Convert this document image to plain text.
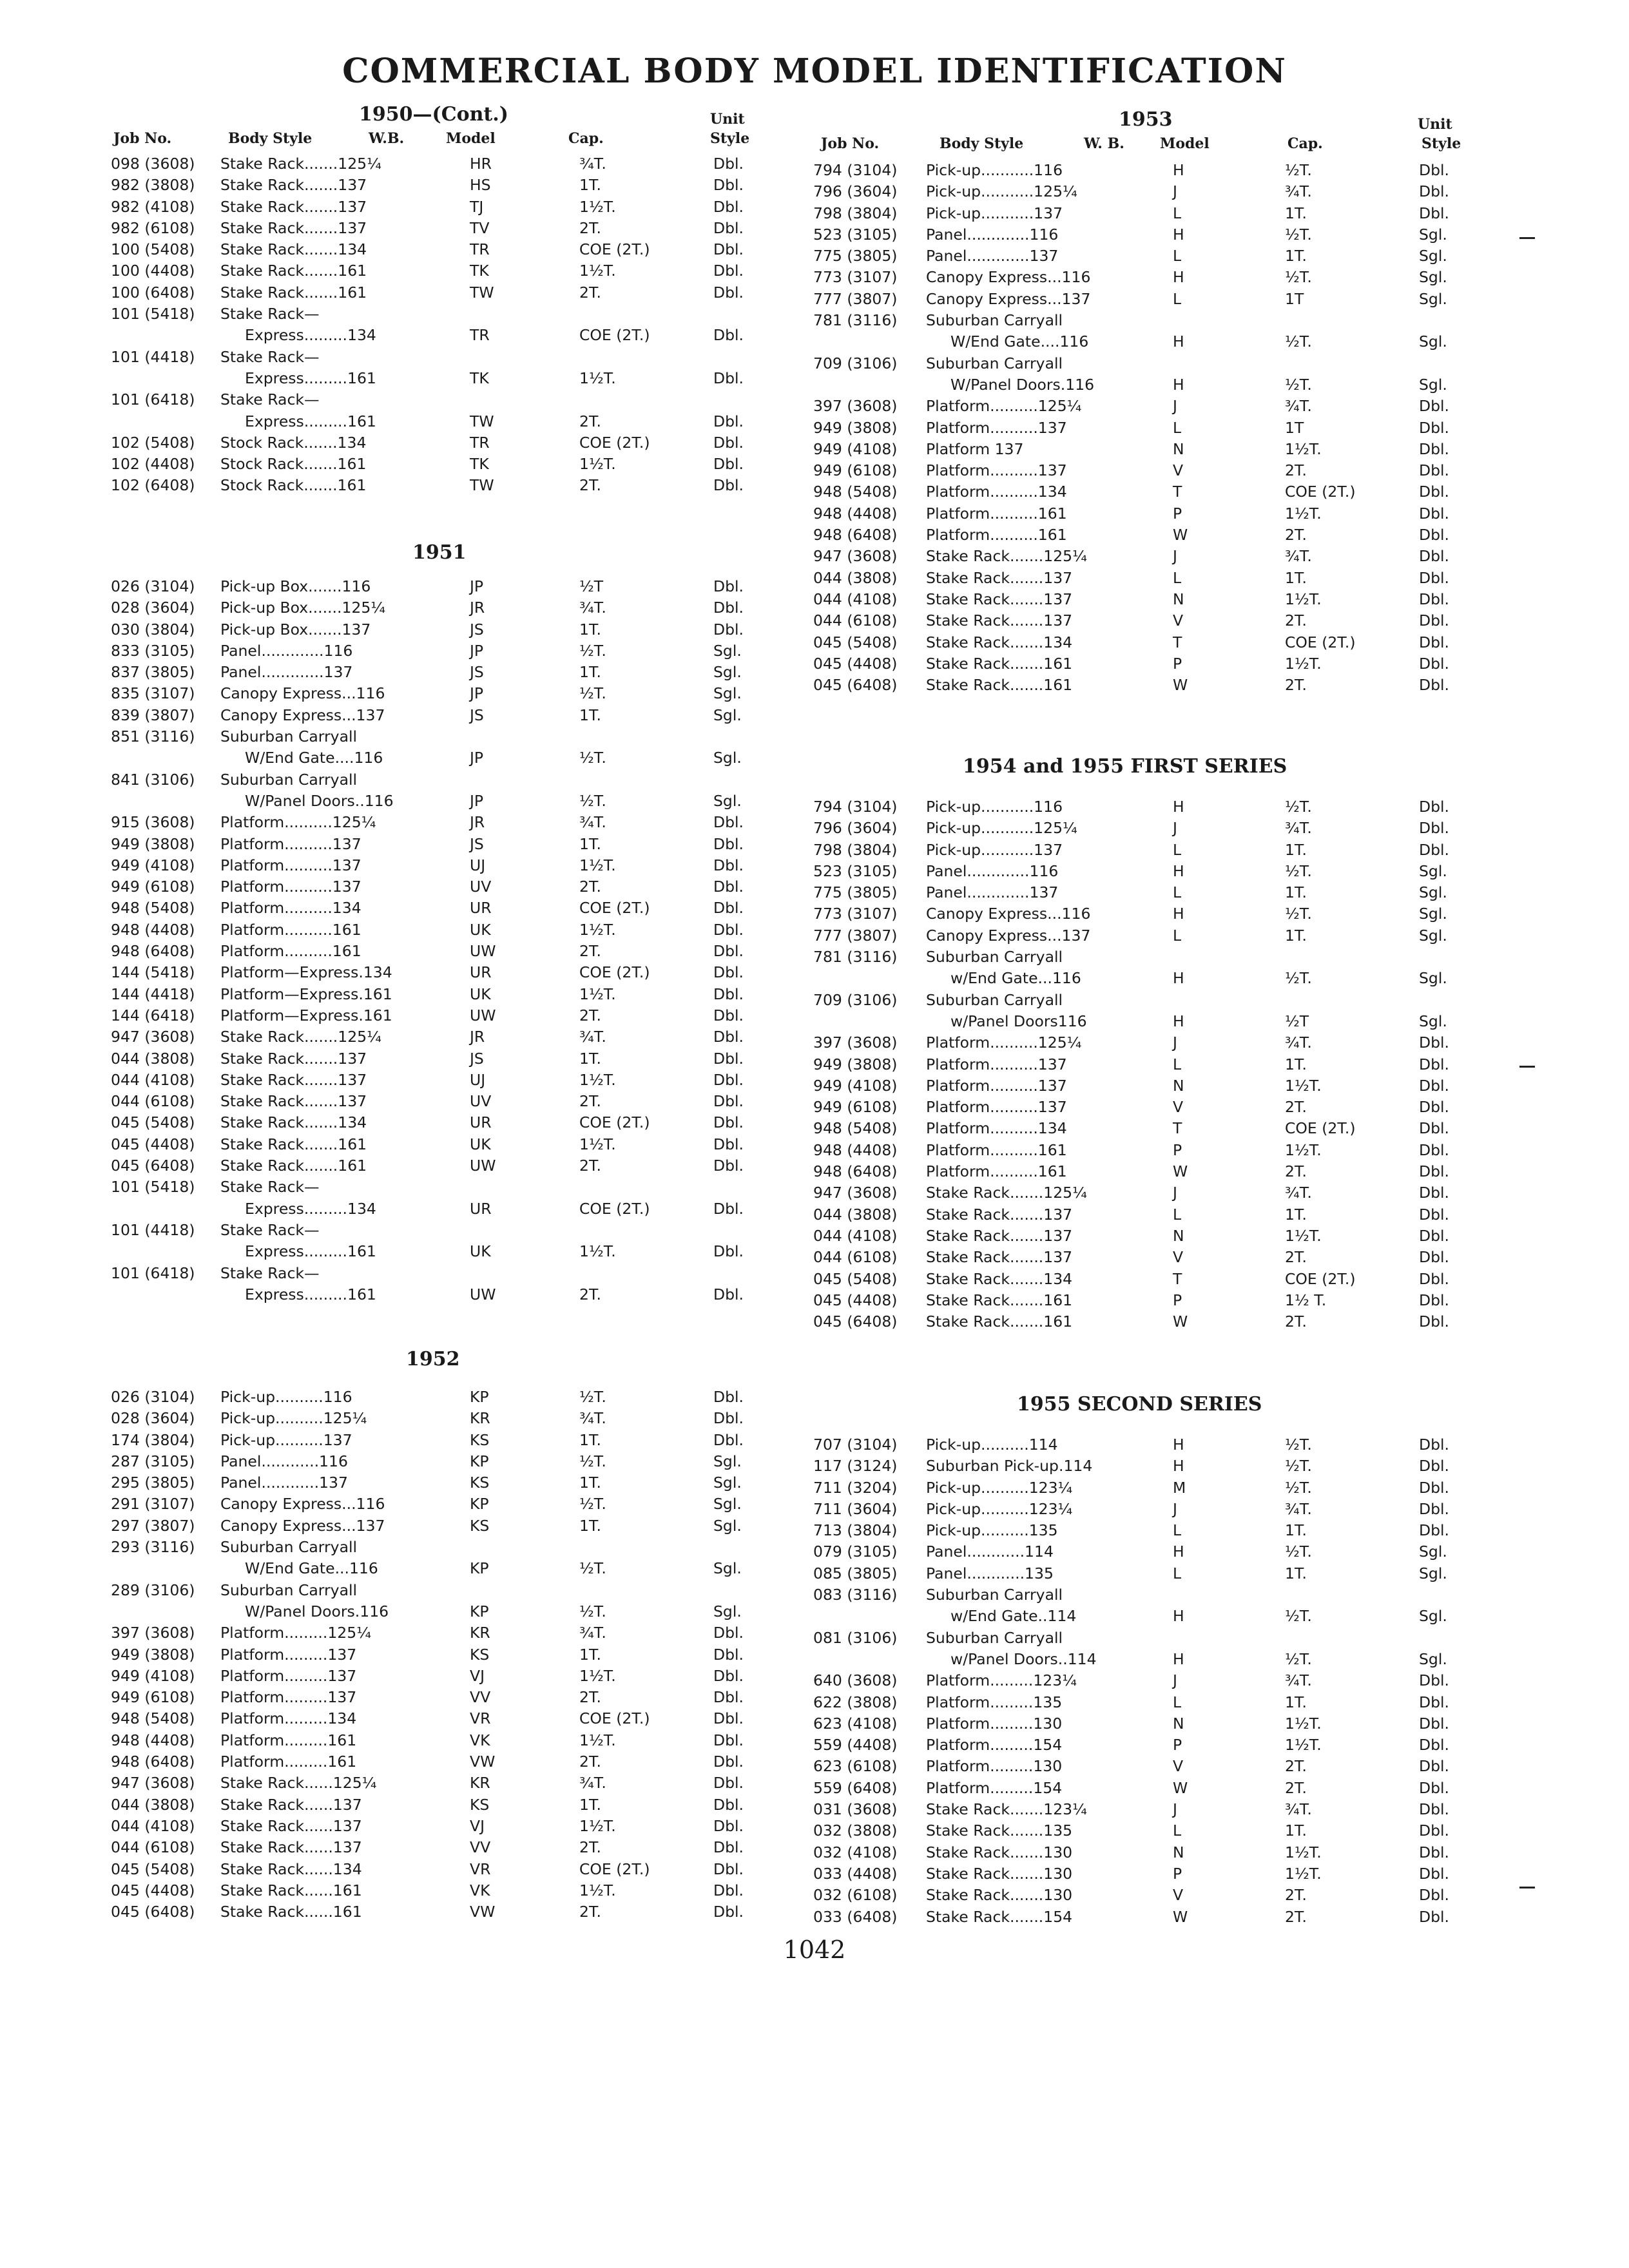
COMMERCIAL BODY MODEL IDENTIFICATION
1950—(Cont.)	Unit
Job No.	Body Style	W.B.	Model	Cap.	Style
098 (3608) Stake Rack.......125¼	HR	¾T.	Dbl.
982 (3808) Stake Rack.......137	HS	1T.	Dbl.
982 (4108) Stake Rack.......137	TJ	1½T.	Dbl.
982 (6108) Stake Rack.......137	TV	2T.	Dbl.
100 (5408) Stake Rack.......134	TR	COE (2T.)	Dbl.
100 (4408) Stake Rack.......161	TK	1½T.	Dbl.
100 (6408) Stake Rack.......161	TW	2T.	Dbl.
101 (5418) Stake Rack—
Express.........134	TR	COE (2T.)	Dbl.
101 (4418) Stake Rack—
Express.........161	TK	1½T.	Dbl.
101 (6418) Stake Rack—
Express.........161	TW	2T.	Dbl.
102 (5408) Stock Rack.......134	TR	COE (2T.)	Dbl.
102 (4408) Stock Rack.......161	TK	1½T.	Dbl.
102 (6408) Stock Rack.......161	TW	2T.	Dbl.
1951
026 (3104) Pick-up Box.......116	JP	½T	Dbl.
028 (3604) Pick-up Box.......125¼	JR	¾T.	Dbl.
030 (3804) Pick-up Box.......137	JS	1T.	Dbl.
833 (3105) Panel.............116	JP	½T.	Sgl.
837 (3805) Panel.............137	JS	1T.	Sgl.
835 (3107) Canopy Express...116	JP	½T.	Sgl.
839 (3807) Canopy Express...137	JS	1T.	Sgl.
851 (3116) Suburban Carryall
W/End Gate....116	JP	½T.	Sgl.
841 (3106) Suburban Carryall
W/Panel Doors..116	JP	½T.	Sgl.
915 (3608) Platform..........125¼	JR	¾T.	Dbl.
949 (3808) Platform..........137	JS	1T.	Dbl.
949 (4108) Platform..........137	UJ	1½T.	Dbl.
949 (6108) Platform..........137	UV	2T.	Dbl.
948 (5408) Platform..........134	UR	COE (2T.)	Dbl.
948 (4408) Platform..........161	UK	1½T.	Dbl.
948 (6408) Platform..........161	UW	2T.	Dbl.
144 (5418) Platform—Express.134	UR	COE (2T.)	Dbl.
144 (4418) Platform—Express.161	UK	1½T.	Dbl.
144 (6418) Platform—Express.161	UW	2T.	Dbl.
947 (3608) Stake Rack.......125¼	JR	¾T.	Dbl.
044 (3808) Stake Rack.......137	JS	1T.	Dbl.
044 (4108) Stake Rack.......137	UJ	1½T.	Dbl.
044 (6108) Stake Rack.......137	UV	2T.	Dbl.
045 (5408) Stake Rack.......134	UR	COE (2T.)	Dbl.
045 (4408) Stake Rack.......161	UK	1½T.	Dbl.
045 (6408) Stake Rack.......161	UW	2T.	Dbl.
101 (5418) Stake Rack—
Express.........134	UR	COE (2T.)	Dbl.
101 (4418) Stake Rack—
Express.........161	UK	1½T.	Dbl.
101 (6418) Stake Rack—
Express.........161	UW	2T.	Dbl.
1952
026 (3104) Pick-up..........116	KP	½T.	Dbl.
028 (3604) Pick-up..........125¼	KR	¾T.	Dbl.
174 (3804) Pick-up..........137	KS	1T.	Dbl.
287 (3105) Panel............116	KP	½T.	Sgl.
295 (3805) Panel............137	KS	1T.	Sgl.
291 (3107) Canopy Express...116	KP	½T.	Sgl.
297 (3807) Canopy Express...137	KS	1T.	Sgl.
293 (3116) Suburban Carryall
W/End Gate...116	KP	½T.	Sgl.
289 (3106) Suburban Carryall
W/Panel Doors.116	KP	½T.	Sgl.
397 (3608) Platform.........125¼	KR	¾T.	Dbl.
949 (3808) Platform.........137	KS	1T.	Dbl.
949 (4108) Platform.........137	VJ	1½T.	Dbl.
949 (6108) Platform.........137	VV	2T.	Dbl.
948 (5408) Platform.........134	VR	COE (2T.)	Dbl.
948 (4408) Platform.........161	VK	1½T.	Dbl.
948 (6408) Platform.........161	VW	2T.	Dbl.
947 (3608) Stake Rack......125¼	KR	¾T.	Dbl.
044 (3808) Stake Rack......137	KS	1T.	Dbl.
044 (4108) Stake Rack......137	VJ	1½T.	Dbl.
044 (6108) Stake Rack......137	VV	2T.	Dbl.
045 (5408) Stake Rack......134	VR	COE (2T.)	Dbl.
045 (4408) Stake Rack......161	VK	1½T.	Dbl.
045 (6408) Stake Rack......161	VW	2T.	Dbl.
1953	Unit
Job No.	Body Style	W. B.	Model	Cap.	Style
794 (3104) Pick-up...........116	H	½T.	Dbl.
796 (3604) Pick-up...........125¼	J	¾T.	Dbl.
798 (3804) Pick-up...........137	L	1T.	Dbl.
523 (3105) Panel.............116	H	½T.	Sgl.
775 (3805) Panel.............137	L	1T.	Sgl.
773 (3107) Canopy Express...116	H	½T.	Sgl.
777 (3807) Canopy Express...137	L	1T	Sgl.
781 (3116) Suburban Carryall
W/End Gate....116	H	½T.	Sgl.
709 (3106) Suburban Carryall
W/Panel Doors.116	H	½T.	Sgl.
397 (3608) Platform..........125¼	J	¾T.	Dbl.
949 (3808) Platform..........137	L	1T	Dbl.
949 (4108) Platform 137	N	1½T.	Dbl.
949 (6108) Platform..........137	V	2T.	Dbl.
948 (5408) Platform..........134	T	COE (2T.)	Dbl.
948 (4408) Platform..........161	P	1½T.	Dbl.
948 (6408) Platform..........161	W	2T.	Dbl.
947 (3608) Stake Rack.......125¼	J	¾T.	Dbl.
044 (3808) Stake Rack.......137	L	1T.	Dbl.
044 (4108) Stake Rack.......137	N	1½T.	Dbl.
044 (6108) Stake Rack.......137	V	2T.	Dbl.
045 (5408) Stake Rack.......134	T	COE (2T.)	Dbl.
045 (4408) Stake Rack.......161	P	1½T.	Dbl.
045 (6408) Stake Rack.......161	W	2T.	Dbl.
1954 and 1955 FIRST SERIES
794 (3104) Pick-up...........116	H	½T.	Dbl.
796 (3604) Pick-up...........125¼	J	¾T.	Dbl.
798 (3804) Pick-up...........137	L	1T.	Dbl.
523 (3105) Panel.............116	H	½T.	Sgl.
775 (3805) Panel.............137	L	1T.	Sgl.
773 (3107) Canopy Express...116	H	½T.	Sgl.
777 (3807) Canopy Express...137	L	1T.	Sgl.
781 (3116) Suburban Carryall
w/End Gate...116	H	½T.	Sgl.
709 (3106) Suburban Carryall
w/Panel Doors116	H	½T	Sgl.
397 (3608) Platform..........125¼	J	¾T.	Dbl.
949 (3808) Platform..........137	L	1T.	Dbl.
949 (4108) Platform..........137	N	1½T.	Dbl.
949 (6108) Platform..........137	V	2T.	Dbl.
948 (5408) Platform..........134	T	COE (2T.)	Dbl.
948 (4408) Platform..........161	P	1½T.	Dbl.
948 (6408) Platform..........161	W	2T.	Dbl.
947 (3608) Stake Rack.......125¼	J	¾T.	Dbl.
044 (3808) Stake Rack.......137	L	1T.	Dbl.
044 (4108) Stake Rack.......137	N	1½T.	Dbl.
044 (6108) Stake Rack.......137	V	2T.	Dbl.
045 (5408) Stake Rack.......134	T	COE (2T.)	Dbl.
045 (4408) Stake Rack.......161	P	1½ T.	Dbl.
045 (6408) Stake Rack.......161	W	2T.	Dbl.
1955 SECOND SERIES
707 (3104) Pick-up..........114	H	½T.	Dbl.
117 (3124) Suburban Pick-up.114	H	½T.	Dbl.
711 (3204) Pick-up..........123¼	M	½T.	Dbl.
711 (3604) Pick-up..........123¼	J	¾T.	Dbl.
713 (3804) Pick-up..........135	L	1T.	Dbl.
079 (3105) Panel............114	H	½T.	Sgl.
085 (3805) Panel............135	L	1T.	Sgl.
083 (3116) Suburban Carryall
w/End Gate..114	H	½T.	Sgl.
081 (3106) Suburban Carryall
w/Panel Doors..114	H	½T.	Sgl.
640 (3608) Platform.........123¼	J	¾T.	Dbl.
622 (3808) Platform.........135	L	1T.	Dbl.
623 (4108) Platform.........130	N	1½T.	Dbl.
559 (4408) Platform.........154	P	1½T.	Dbl.
623 (6108) Platform.........130	V	2T.	Dbl.
559 (6408) Platform.........154	W	2T.	Dbl.
031 (3608) Stake Rack.......123¼	J	¾T.	Dbl.
032 (3808) Stake Rack.......135	L	1T.	Dbl.
032 (4108) Stake Rack.......130	N	1½T.	Dbl.
033 (4408) Stake Rack.......130	P	1½T.	Dbl.
032 (6108) Stake Rack.......130	V	2T.	Dbl.
033 (6408) Stake Rack.......154	W	2T.	Dbl.
1042
